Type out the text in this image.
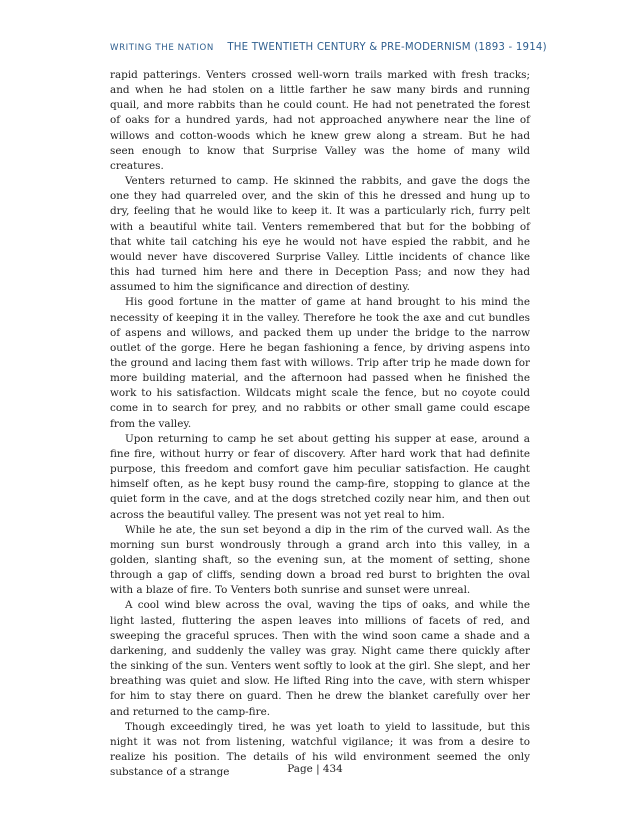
WRITING THE NATION THE TWENTIETH CENTURY & PRE-MODERNISM (1893 - 1914)

rapid patterings. Venters crossed well-worn trails marked with fresh tracks; and when he had stolen on a little farther he saw many birds and running quail, and more rabbits than he could count. He had not penetrated the forest of oaks for a hundred yards, had not approached anywhere near the line of willows and cotton-woods which he knew grew along a stream. But he had seen enough to know that Surprise Valley was the home of many wild creatures.

Venters returned to camp. He skinned the rabbits, and gave the dogs the one they had quarreled over, and the skin of this he dressed and hung up to dry, feeling that he would like to keep it. It was a particularly rich, furry pelt with a beautiful white tail. Venters remembered that but for the bobbing of that white tail catching his eye he would not have espied the rabbit, and he would never have discovered Surprise Valley. Little incidents of chance like this had turned him here and there in Deception Pass; and now they had assumed to him the significance and direction of destiny.

His good fortune in the matter of game at hand brought to his mind the necessity of keeping it in the valley. Therefore he took the axe and cut bundles of aspens and willows, and packed them up under the bridge to the narrow outlet of the gorge. Here he began fashioning a fence, by driving aspens into the ground and lacing them fast with willows. Trip after trip he made down for more building material, and the afternoon had passed when he finished the work to his satisfaction. Wildcats might scale the fence, but no coyote could come in to search for prey, and no rabbits or other small game could escape from the valley.

Upon returning to camp he set about getting his supper at ease, around a fine fire, without hurry or fear of discovery. After hard work that had definite purpose, this freedom and comfort gave him peculiar satisfaction. He caught himself often, as he kept busy round the camp-fire, stopping to glance at the quiet form in the cave, and at the dogs stretched cozily near him, and then out across the beautiful valley. The present was not yet real to him.

While he ate, the sun set beyond a dip in the rim of the curved wall. As the morning sun burst wondrously through a grand arch into this valley, in a golden, slanting shaft, so the evening sun, at the moment of setting, shone through a gap of cliffs, sending down a broad red burst to brighten the oval with a blaze of fire. To Venters both sunrise and sunset were unreal.

A cool wind blew across the oval, waving the tips of oaks, and while the light lasted, fluttering the aspen leaves into millions of facets of red, and sweeping the graceful spruces. Then with the wind soon came a shade and a darkening, and suddenly the valley was gray. Night came there quickly after the sinking of the sun. Venters went softly to look at the girl. She slept, and her breathing was quiet and slow. He lifted Ring into the cave, with stern whisper for him to stay there on guard. Then he drew the blanket carefully over her and returned to the camp-fire.

Though exceedingly tired, he was yet loath to yield to lassitude, but this night it was not from listening, watchful vigilance; it was from a desire to realize his position. The details of his wild environment seemed the only substance of a strange	Page | 434
